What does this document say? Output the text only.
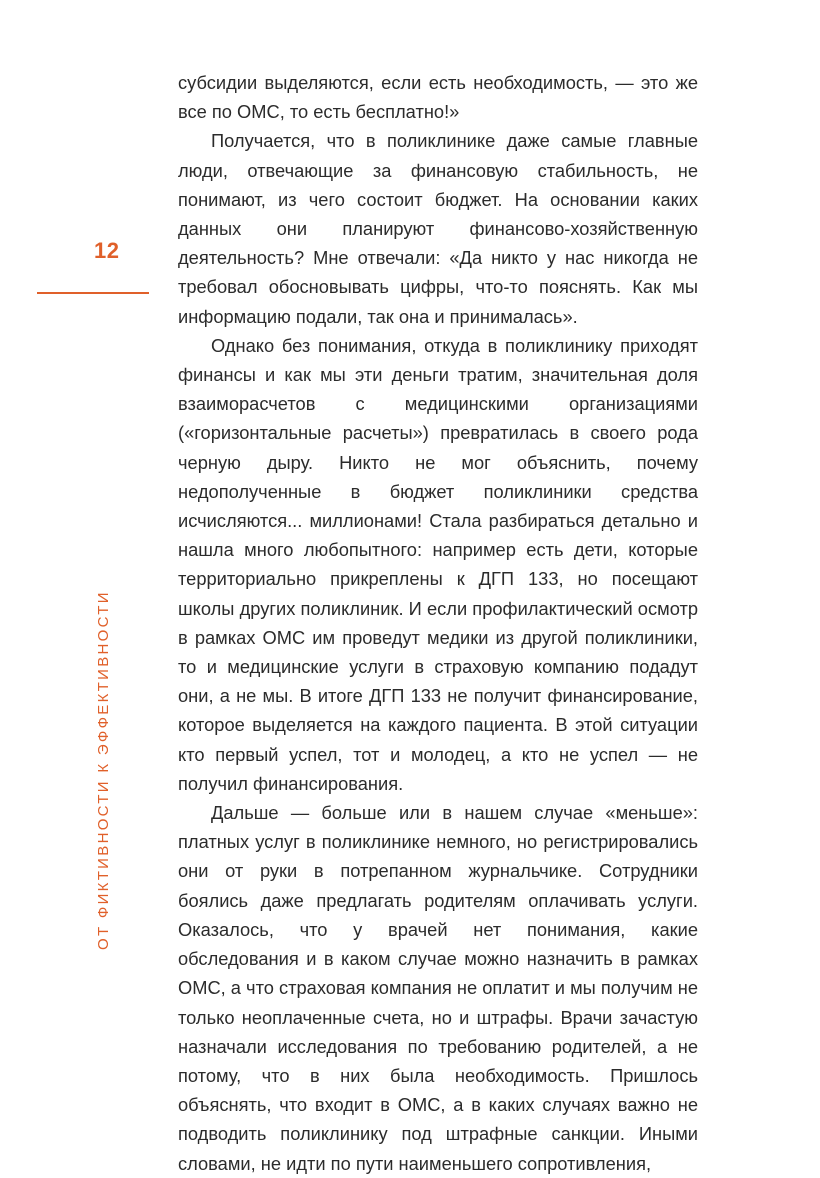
12
ОТ ФИКТИВНОСТИ К ЭФФЕКТИВНОСТИ

субсидии выделяются, если есть необходимость, — это же все по ОМС, то есть бесплатно!»

Получается, что в поликлинике даже самые главные люди, отвечающие за финансовую стабильность, не понимают, из чего состоит бюджет. На основании каких данных они планируют финансово-хозяйственную деятельность? Мне отвечали: «Да никто у нас никогда не требовал обосновывать цифры, что-то пояснять. Как мы информацию подали, так она и принималась».

Однако без понимания, откуда в поликлинику приходят финансы и как мы эти деньги тратим, значительная доля взаиморасчетов с медицинскими организациями («горизонтальные расчеты») превратилась в своего рода черную дыру. Никто не мог объяснить, почему недополученные в бюджет поликлиники средства исчисляются... миллионами! Стала разбираться детально и нашла много любопытного: например есть дети, которые территориально прикреплены к ДГП 133, но посещают школы других поликлиник. И если профилактический осмотр в рамках ОМС им проведут медики из другой поликлиники, то и медицинские услуги в страховую компанию подадут они, а не мы. В итоге ДГП 133 не получит финансирование, которое выделяется на каждого пациента. В этой ситуации кто первый успел, тот и молодец, а кто не успел — не получил финансирования.

Дальше — больше или в нашем случае «меньше»: платных услуг в поликлинике немного, но регистрировались они от руки в потрепанном журнальчике. Сотрудники боялись даже предлагать родителям оплачивать услуги. Оказалось, что у врачей нет понимания, какие обследования и в каком случае можно назначить в рамках ОМС, а что страховая компания не оплатит и мы получим не только неоплаченные счета, но и штрафы. Врачи зачастую назначали исследования по требованию родителей, а не потому, что в них была необходимость. Пришлось объяснять, что входит в ОМС, а в каких случаях важно не подводить поликлинику под штрафные санкции. Иными словами, не идти по пути наименьшего сопротивления,
